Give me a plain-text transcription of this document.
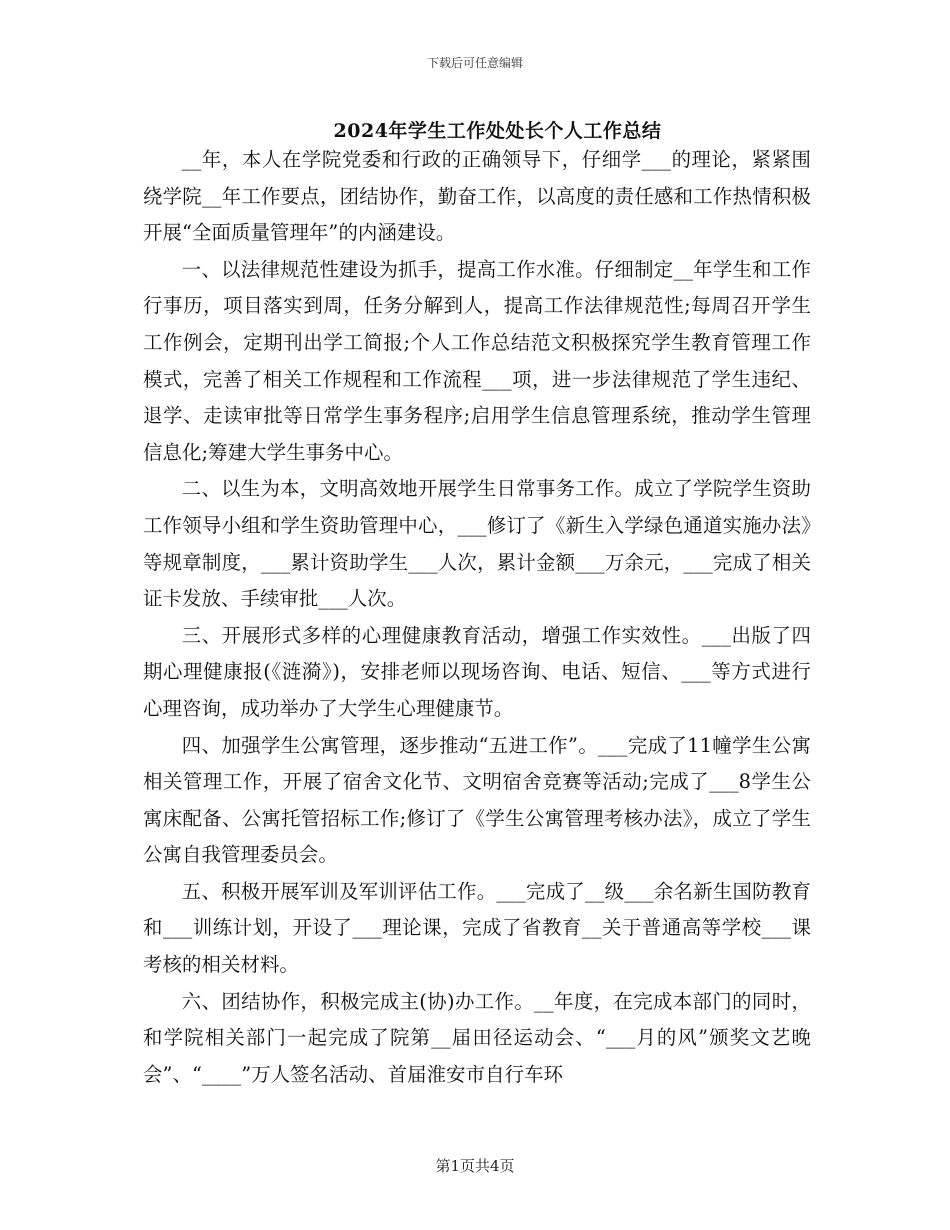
下载后可任意编辑
2024年学生工作处处长个人工作总结

__年，本人在学院党委和行政的正确领导下，仔细学___的理论，紧紧围绕学院__年工作要点，团结协作，勤奋工作，以高度的责任感和工作热情积极开展“全面质量管理年”的内涵建设。

一、以法律规范性建设为抓手，提高工作水准。仔细制定__年学生和工作行事历，项目落实到周，任务分解到人，提高工作法律规范性;每周召开学生工作例会，定期刊出学工简报;个人工作总结范文积极探究学生教育管理工作模式，完善了相关工作规程和工作流程___项，进一步法律规范了学生违纪、退学、走读审批等日常学生事务程序;启用学生信息管理系统，推动学生管理信息化;筹建大学生事务中心。

二、以生为本，文明高效地开展学生日常事务工作。成立了学院学生资助工作领导小组和学生资助管理中心，___修订了《新生入学绿色通道实施办法》等规章制度，___累计资助学生___人次，累计金额___万余元，___完成了相关证卡发放、手续审批___人次。

三、开展形式多样的心理健康教育活动，增强工作实效性。___出版了四期心理健康报(《涟漪》)，安排老师以现场咨询、电话、短信、___等方式进行心理咨询，成功举办了大学生心理健康节。

四、加强学生公寓管理，逐步推动“五进工作”。___完成了11幢学生公寓相关管理工作，开展了宿舍文化节、文明宿舍竞赛等活动;完成了___8学生公寓床配备、公寓托管招标工作;修订了《学生公寓管理考核办法》，成立了学生公寓自我管理委员会。

五、积极开展军训及军训评估工作。___完成了__级___余名新生国防教育和___训练计划，开设了___理论课，完成了省教育__关于普通高等学校___课考核的相关材料。

六、团结协作，积极完成主(协)办工作。__年度，在完成本部门的同时，和学院相关部门一起完成了院第__届田径运动会、“___月的风”颁奖文艺晚会”、“____”万人签名活动、首届淮安市自行车环

第1页共4页
